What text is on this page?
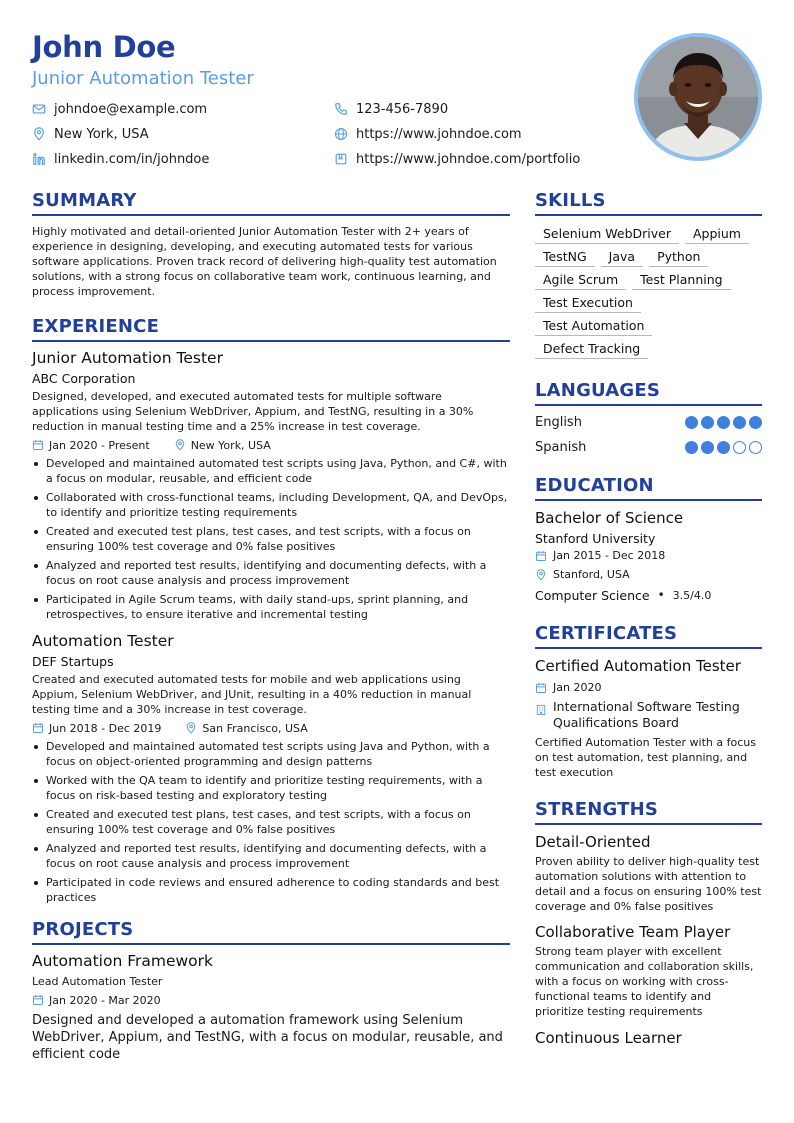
John Doe
Junior Automation Tester
johndoe@example.com	123-456-7890
New York, USA	https://www.johndoe.com
linkedin.com/in/johndoe	https://www.johndoe.com/portfolio
SUMMARY
Highly motivated and detail-oriented Junior Automation Tester with 2+ years of experience in designing, developing, and executing automated tests for various software applications. Proven track record of delivering high-quality test automation solutions, with a strong focus on collaborative team work, continuous learning, and process improvement.
EXPERIENCE
Junior Automation Tester
ABC Corporation
Designed, developed, and executed automated tests for multiple software applications using Selenium WebDriver, Appium, and TestNG, resulting in a 30% reduction in manual testing time and a 25% increase in test coverage.
Jan 2020 - Present	New York, USA
Developed and maintained automated test scripts using Java, Python, and C#, with a focus on modular, reusable, and efficient code
Collaborated with cross-functional teams, including Development, QA, and DevOps, to identify and prioritize testing requirements
Created and executed test plans, test cases, and test scripts, with a focus on ensuring 100% test coverage and 0% false positives
Analyzed and reported test results, identifying and documenting defects, with a focus on root cause analysis and process improvement
Participated in Agile Scrum teams, with daily stand-ups, sprint planning, and retrospectives, to ensure iterative and incremental testing
Automation Tester
DEF Startups
Created and executed automated tests for mobile and web applications using Appium, Selenium WebDriver, and JUnit, resulting in a 40% reduction in manual testing time and a 30% increase in test coverage.
Jun 2018 - Dec 2019	San Francisco, USA
Developed and maintained automated test scripts using Java and Python, with a focus on object-oriented programming and design patterns
Worked with the QA team to identify and prioritize testing requirements, with a focus on risk-based testing and exploratory testing
Created and executed test plans, test cases, and test scripts, with a focus on ensuring 100% test coverage and 0% false positives
Analyzed and reported test results, identifying and documenting defects, with a focus on root cause analysis and process improvement
Participated in code reviews and ensured adherence to coding standards and best practices
PROJECTS
Automation Framework
Lead Automation Tester
Jan 2020 - Mar 2020
Designed and developed a automation framework using Selenium WebDriver, Appium, and TestNG, with a focus on modular, reusable, and efficient code
SKILLS
Selenium WebDriver	Appium
TestNG	Java	Python
Agile Scrum	Test Planning
Test Execution
Test Automation
Defect Tracking
LANGUAGES
English
Spanish
EDUCATION
Bachelor of Science
Stanford University
Jan 2015 - Dec 2018
Stanford, USA
Computer Science • 3.5/4.0
CERTIFICATES
Certified Automation Tester
Jan 2020
International Software Testing Qualifications Board
Certified Automation Tester with a focus on test automation, test planning, and test execution
STRENGTHS
Detail-Oriented
Proven ability to deliver high-quality test automation solutions with attention to detail and a focus on ensuring 100% test coverage and 0% false positives
Collaborative Team Player
Strong team player with excellent communication and collaboration skills, with a focus on working with cross-functional teams to identify and prioritize testing requirements
Continuous Learner
